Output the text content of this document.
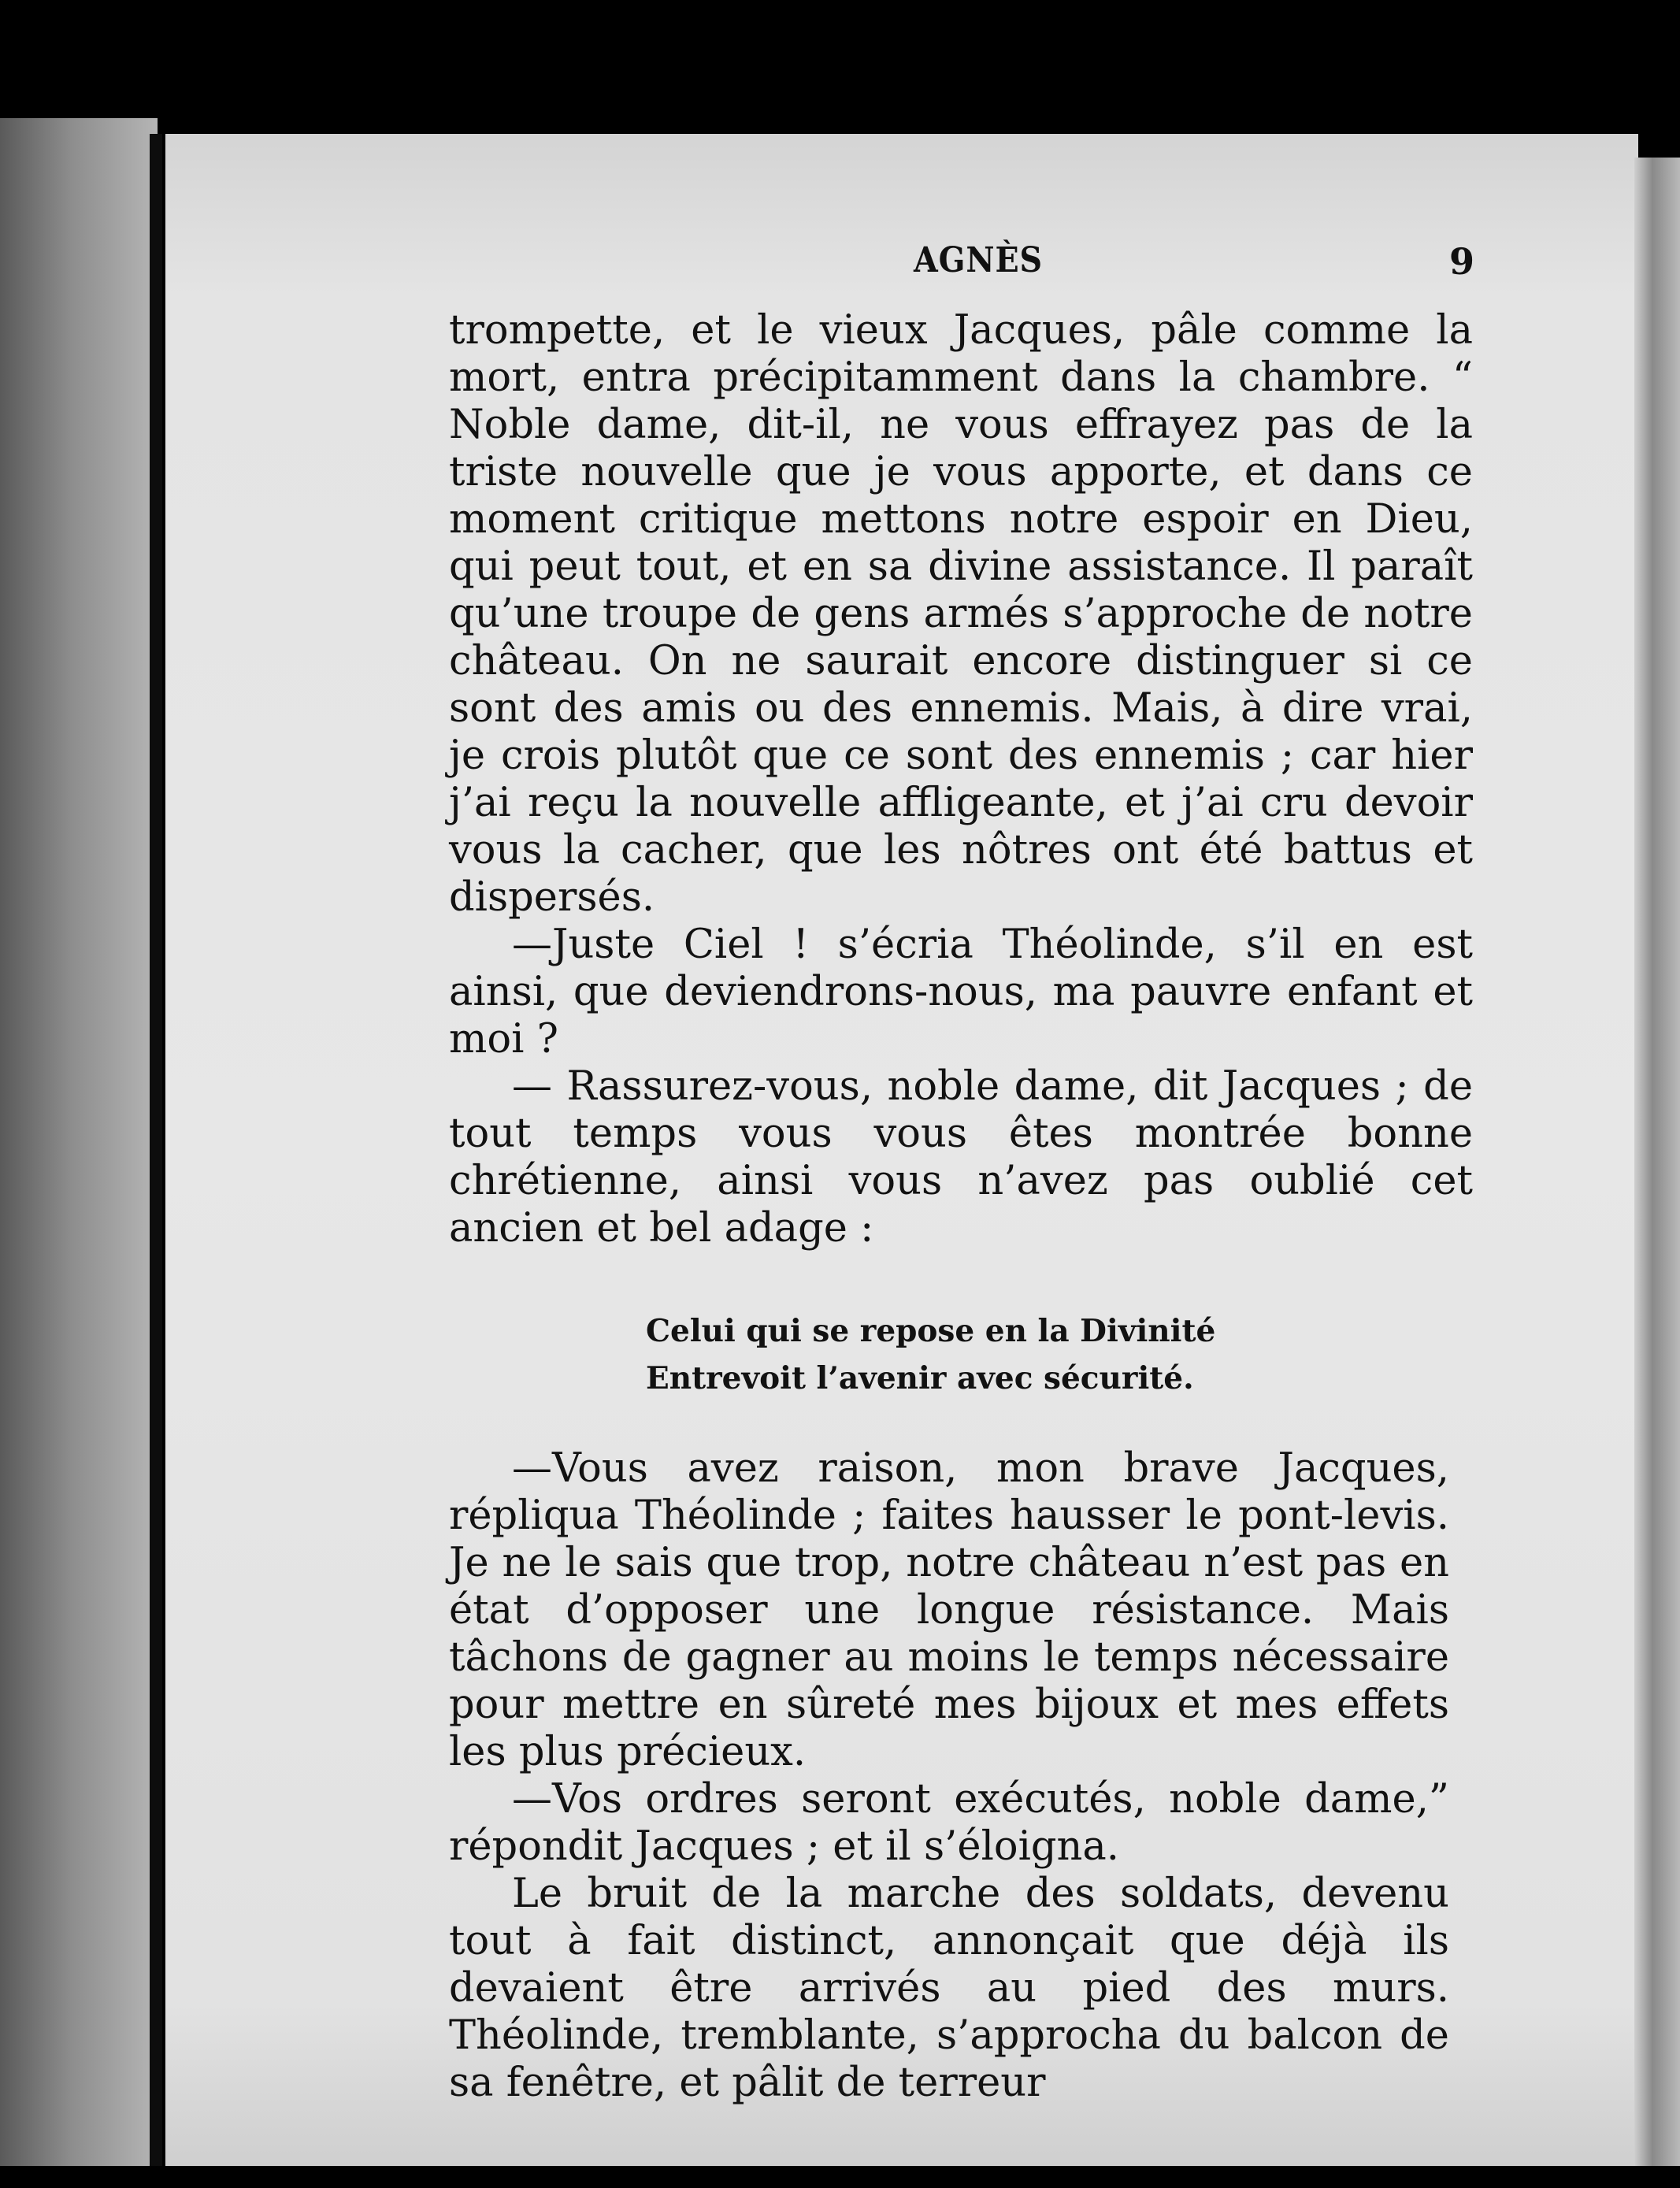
AGNÈS	9

trompette, et le vieux Jacques, pâle comme la mort, entra précipitamment dans la chambre. “ Noble dame, dit-il, ne vous effrayez pas de la triste nouvelle que je vous apporte, et dans ce moment critique mettons notre espoir en Dieu, qui peut tout, et en sa divine assistance. Il paraît qu’une troupe de gens armés s’approche de notre château. On ne saurait encore distinguer si ce sont des amis ou des ennemis. Mais, à dire vrai, je crois plutôt que ce sont des ennemis ; car hier j’ai reçu la nouvelle affligeante, et j’ai cru devoir vous la cacher, que les nôtres ont été battus et dispersés.

—Juste Ciel ! s’écria Théolinde, s’il en est ainsi, que deviendrons-nous, ma pauvre enfant et moi ?

— Rassurez-vous, noble dame, dit Jacques ; de tout temps vous vous êtes montrée bonne chrétienne, ainsi vous n’avez pas oublié cet ancien et bel adage :

Celui qui se repose en la Divinité
Entrevoit l’avenir avec sécurité.

—Vous avez raison, mon brave Jacques, répliqua Théolinde ; faites hausser le pont-levis. Je ne le sais que trop, notre château n’est pas en état d’opposer une longue résistance. Mais tâchons de gagner au moins le temps nécessaire pour mettre en sûreté mes bijoux et mes effets les plus précieux.

—Vos ordres seront exécutés, noble dame,” répondit Jacques ; et il s’éloigna.

Le bruit de la marche des soldats, devenu tout à fait distinct, annonçait que déjà ils devaient être arrivés au pied des murs. Théolinde, tremblante, s’approcha du balcon de sa fenêtre, et pâlit de terreur
